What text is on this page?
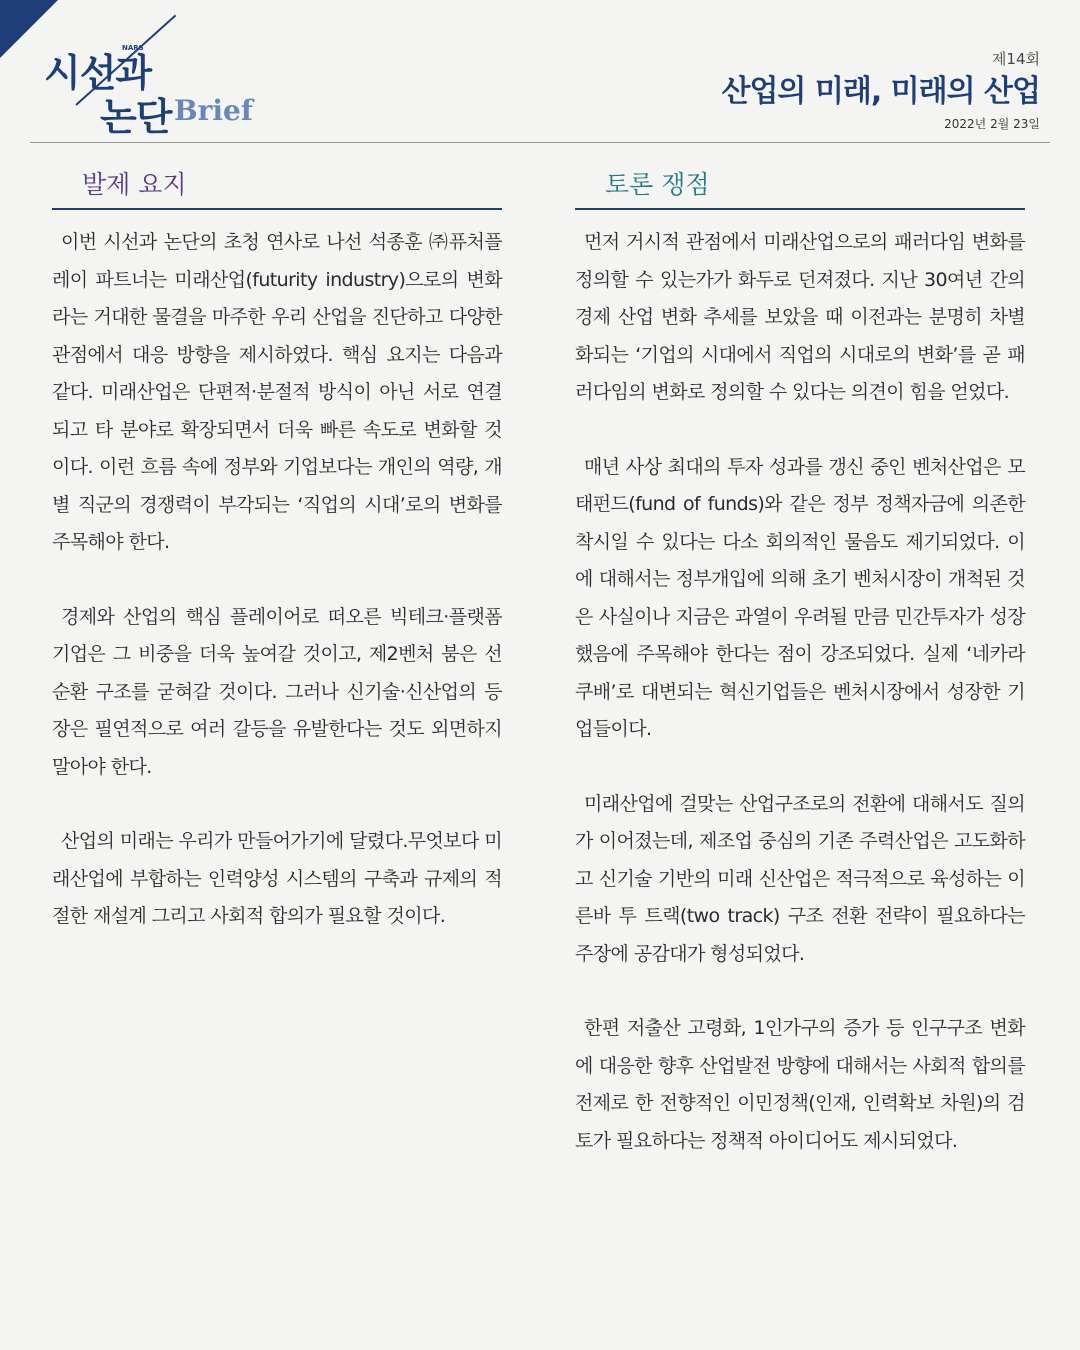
시선과
NARS
논단 Brief
제14회
산업의 미래, 미래의 산업
2022년 2월 23일
발제 요지

이번 시선과 논단의 초청 연사로 나선 석종훈 ㈜퓨처플레이 파트너는 미래산업(futurity industry)으로의 변화라는 거대한 물결을 마주한 우리 산업을 진단하고 다양한 관점에서 대응 방향을 제시하였다. 핵심 요지는 다음과 같다. 미래산업은 단편적·분절적 방식이 아닌 서로 연결되고 타 분야로 확장되면서 더욱 빠른 속도로 변화할 것이다. 이런 흐름 속에 정부와 기업보다는 개인의 역량, 개별 직군의 경쟁력이 부각되는 ‘직업의 시대’로의 변화를 주목해야 한다.

경제와 산업의 핵심 플레이어로 떠오른 빅테크·플랫폼 기업은 그 비중을 더욱 높여갈 것이고, 제2벤처 붐은 선순환 구조를 굳혀갈 것이다. 그러나 신기술·신산업의 등장은 필연적으로 여러 갈등을 유발한다는 것도 외면하지 말아야 한다.

산업의 미래는 우리가 만들어가기에 달렸다.무엇보다 미래산업에 부합하는 인력양성 시스템의 구축과 규제의 적절한 재설계 그리고 사회적 합의가 필요할 것이다.

토론 쟁점

먼저 거시적 관점에서 미래산업으로의 패러다임 변화를 정의할 수 있는가가 화두로 던져졌다. 지난 30여년 간의 경제 산업 변화 추세를 보았을 때 이전과는 분명히 차별화되는 ‘기업의 시대에서 직업의 시대로의 변화’를 곧 패러다임의 변화로 정의할 수 있다는 의견이 힘을 얻었다.

매년 사상 최대의 투자 성과를 갱신 중인 벤처산업은 모태펀드(fund of funds)와 같은 정부 정책자금에 의존한 착시일 수 있다는 다소 회의적인 물음도 제기되었다. 이에 대해서는 정부개입에 의해 초기 벤처시장이 개척된 것은 사실이나 지금은 과열이 우려될 만큼 민간투자가 성장했음에 주목해야 한다는 점이 강조되었다. 실제 ‘네카라쿠배’로 대변되는 혁신기업들은 벤처시장에서 성장한 기업들이다.

미래산업에 걸맞는 산업구조로의 전환에 대해서도 질의가 이어졌는데, 제조업 중심의 기존 주력산업은 고도화하고 신기술 기반의 미래 신산업은 적극적으로 육성하는 이른바 투 트랙(two track) 구조 전환 전략이 필요하다는 주장에 공감대가 형성되었다.

한편 저출산 고령화, 1인가구의 증가 등 인구구조 변화에 대응한 향후 산업발전 방향에 대해서는 사회적 합의를 전제로 한 전향적인 이민정책(인재, 인력확보 차원)의 검토가 필요하다는 정책적 아이디어도 제시되었다.
